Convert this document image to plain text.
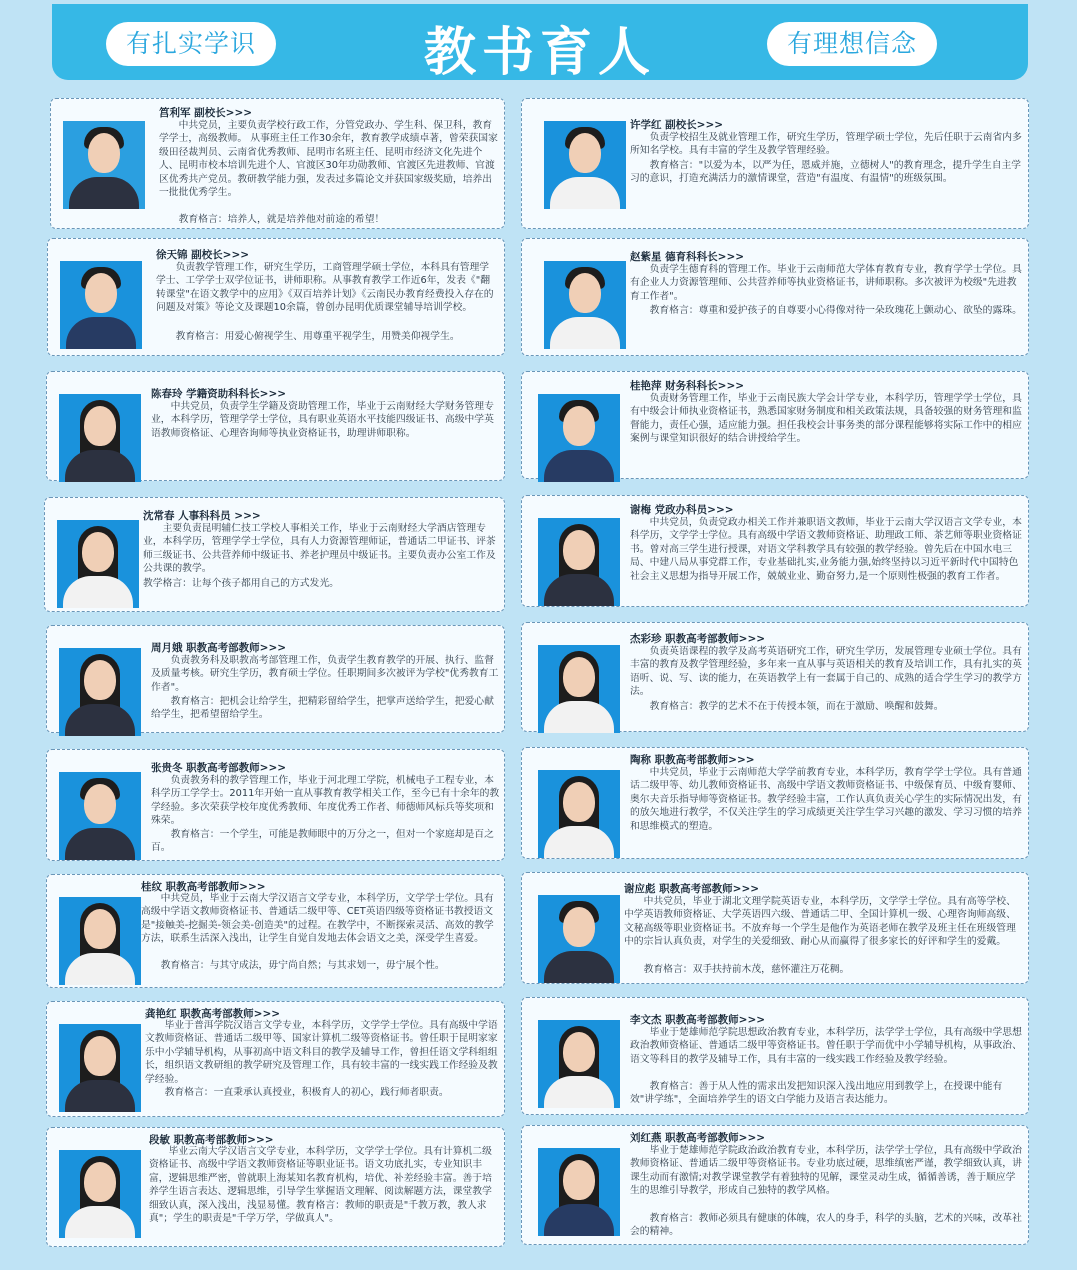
有扎实学识	教书育人	有理想信念
筥利军 副校长>>>
中共党员，主要负责学校行政工作，分管党政办、学生科、保卫科，教育学学士，高级教师。 从事班主任工作30余年，教育教学成绩卓著，曾荣获国家级田径裁判员、云南省优秀教师、昆明市名班主任、昆明市经济文化先进个人、昆明市校本培训先进个人、官渡区30年功勋教师、官渡区先进教师、官渡区优秀共产党员。教研教学能力强，发表过多篇论文并获国家级奖励，培养出一批批优秀学生。
教育格言：培养人，就是培养他对前途的希望！
徐天锦 副校长>>>
负责教学管理工作，研究生学历，工商管理学硕士学位，本科具有管理学学士、工学学士双学位证书，讲师职称。从事教育教学工作近6年，发表《"翻转课堂"在语文教学中的应用》《双百培养计划》《云南民办教育经费投入存在的问题及对策》等论文及课题10余篇，曾创办昆明优质课堂辅导培训学校。
教育格言：用爱心俯视学生、用尊重平视学生，用赞美仰视学生。
陈春玲 学籍资助科科长>>>
中共党员，负责学生学籍及资助管理工作，毕业于云南财经大学财务管理专业，本科学历，管理学学士学位，具有职业英语水平技能四级证书、高级中学英语教师资格证、心理咨询师等执业资格证书，助理讲师职称。
沈常春 人事科科员 >>>
主要负责昆明辅仁技工学校人事相关工作，毕业于云南财经大学酒店管理专业，本科学历，管理学学士学位，具有人力资源管理师证，普通话二甲证书、评茶师三级证书、公共营养师中级证书、养老护理员中级证书。主要负责办公室工作及公共课的教学。
教学格言：让每个孩子都用自己的方式发光。
周月娥 职教高考部教师>>>
负责教务科及职教高考部管理工作，负责学生教育教学的开展、执行、监督及质量考核。研究生学历，教育硕士学位。任职期间多次被评为学校"优秀教育工作者"。
教育格言：把机会让给学生，把精彩留给学生，把掌声送给学生，把爱心献给学生，把希望留给学生。
张贵冬 职教高考部教师>>>
负责教务科的教学管理工作，毕业于河北理工学院，机械电子工程专业，本科学历工学学士。2011年开始一直从事教育教学相关工作，至今已有十余年的教学经验。多次荣获学校年度优秀教师、年度优秀工作者、师德师风标兵等奖项和殊荣。
教育格言：一个学生，可能是教师眼中的万分之一，但对一个家庭却是百之百。
桂纹 职教高考部教师>>>
中共党员，毕业于云南大学汉语言文学专业，本科学历，文学学士学位。具有高级中学语文教师资格证书、普通话二级甲等、CET英语四级等资格证书教授语文是"接触美-挖掘美-领会美-创造美"的过程。在教学中，不断探索灵活、高效的教学方法，联系生活深入浅出，让学生自觉自发地去体会语文之美，深受学生喜爱。
教育格言：与其守成法，毋宁尚自然；与其求划一，毋宁展个性。
龚艳红 职教高考部教师>>>
毕业于普洱学院汉语言文学专业，本科学历，文学学士学位。具有高级中学语文教师资格证、普通话二级甲等、国家计算机二级等资格证书。曾任职于昆明家家乐中小学辅导机构，从事初高中语文科目的教学及辅导工作，曾担任语文学科组组长，组织语文教研组的教学研究及管理工作，具有较丰富的一线实践工作经验及教学经验。
教育格言：一直秉承认真授业，积极育人的初心，践行师者职责。
段敏 职教高考部教师>>>
毕业云南大学汉语言文学专业，本科学历，文学学士学位。具有计算机二级资格证书、高级中学语文教师资格证等职业证书。语文功底扎实，专业知识丰富，逻辑思维严密，曾就职上海某知名教育机构，培优、补差经验丰富。善于培养学生语言表达、逻辑思维，引导学生掌握语文理解、阅读解题方法，课堂教学细致认真，深入浅出，浅显易懂。教育格言：教师的职责是"千教万教，教人求真"；学生的职责是"千学万学，学做真人"。
许学红 副校长>>>
负责学校招生及就业管理工作，研究生学历，管理学硕士学位，先后任职于云南省内多所知名学校。具有丰富的学生及教学管理经验。
教育格言："以爱为本，以严为任，恩威并施，立德树人"的教育理念，提升学生自主学习的意识，打造充满活力的激情课堂，营造"有温度、有温情"的班级氛围。
赵紫星 德育科科长>>>
负责学生德育科的管理工作。毕业于云南师范大学体育教育专业，教育学学士学位。具有企业人力资源管理师、公共营养师等执业资格证书，讲师职称。多次被评为校级"先进教育工作者"。
教育格言：尊重和爱护孩子的自尊要小心得像对待一朵玫瑰花上颤动心、欲坠的露珠。
桂艳萍 财务科科长>>>
负责财务管理工作，毕业于云南民族大学会计学专业，本科学历，管理学学士学位，具有中级会计师执业资格证书，熟悉国家财务制度和相关政策法规，具备较强的财务管理和监督能力，责任心强，适应能力强。担任我校会计事务类的部分课程能够将实际工作中的相应案例与课堂知识很好的结合讲授给学生。
谢梅 党政办科员>>>
中共党员，负责党政办相关工作并兼职语文教师，毕业于云南大学汉语言文学专业，本科学历，文学学士学位。具有高级中学语文教师资格证、助理政工师、茶艺师等职业资格证书。曾对高三学生进行授课，对语文学科教学具有较强的教学经验。曾先后在中国水电三局、中建八局从事党群工作，专业基础扎实,业务能力强,始终坚持以习近平新时代中国特色社会主义思想为指导开展工作，兢兢业业、勤奋努力,是一个原则性极强的教育工作者。
杰彩珍 职教高考部教师>>>
负责英语课程的教学及高考英语研究工作，研究生学历，发展管理专业硕士学位。具有丰富的教育及教学管理经验，多年来一直从事与英语相关的教育及培训工作，具有扎实的英语听、说、写、读的能力，在英语教学上有一套属于自己的、成熟的适合学生学习的教学方法。
教育格言：教学的艺术不在于传授本领，而在于激励、唤醒和鼓舞。
陶称 职教高考部教师>>>
中共党员，毕业于云南师范大学学前教育专业，本科学历，教育学学士学位。具有普通话二级甲等、幼儿教师资格证书、高级中学语文教师资格证书、中级保育员、中级育婴师、奥尔夫音乐指导师等资格证书。教学经验丰富，工作认真负责关心学生的实际情况出发，有的放矢地进行教学，不仅关注学生的学习成绩更关注学生学习兴趣的激发、学习习惯的培养和思维模式的塑造。
谢应彪 职教高考部教师>>>
中共党员，毕业于湖北文理学院英语专业，本科学历，文学学士学位。具有高等学校、中学英语教师资格证、大学英语四六级、普通话二甲、全国计算机一级、心理咨询师高级、文秘高级等职业资格证书。不放弃每一个学生是他作为英语老师在教学及班主任在班级管理中的宗旨认真负责，对学生的关爱细致、耐心从而赢得了很多家长的好评和学生的爱戴。
教育格言：双手扶持前木茂，慈怀灌注万花稠。
李文杰 职教高考部教师>>>
毕业于楚雄师范学院思想政治教育专业，本科学历，法学学士学位，具有高级中学思想政治教师资格证、普通话二级甲等资格证书。曾任职于学而优中小学辅导机构，从事政治、语文等科目的教学及辅导工作，具有丰富的一线实践工作经验及教学经验。
教育格言：善于从人性的需求出发把知识深入浅出地应用到教学上，在授课中能有效"讲学练"，全面培养学生的语文白学能力及语言表达能力。
刘红燕 职教高考部教师>>>
毕业于楚雄师范学院政治政治教育专业，本科学历，法学学士学位，具有高级中学政治教师资格证、普通话二级甲等资格证书。专业功底过硬，思维缜密严谨，教学细致认真，讲课生动而有激情;对教学课堂教学有着独特的见解，课堂灵动生成，循循善诱，善于顺应学生的思维引导教学，形成自己独特的教学风格。
教育格言：教师必须具有健康的体魄，农人的身手，科学的头脑，艺术的兴味，改革社会的精神。
